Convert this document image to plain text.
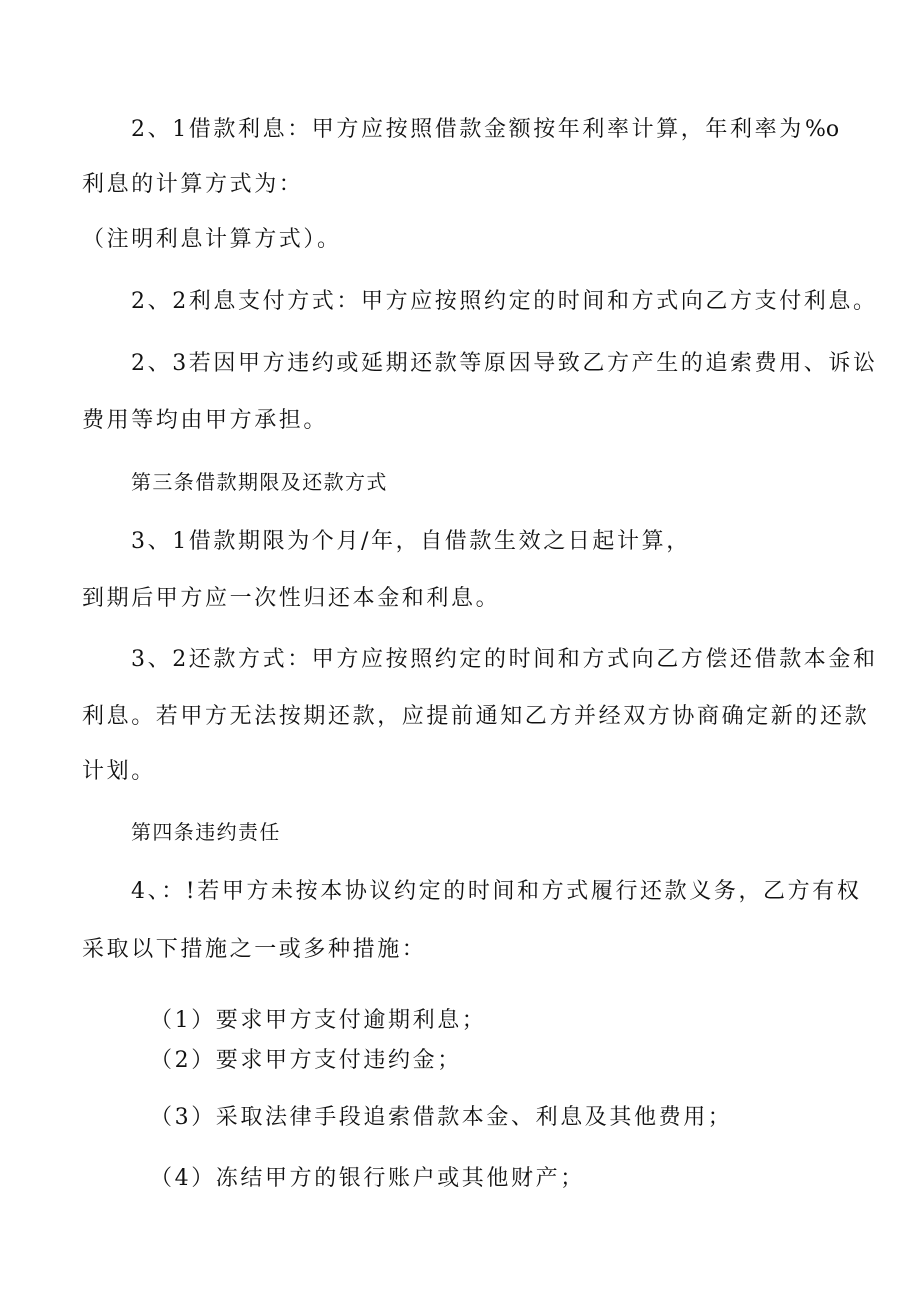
2、1借款利息：甲方应按照借款金额按年利率计算，年利率为 %o
利息的计算方式为：
（注明利息计算方式）。
2、2利息支付方式：甲方应按照约定的时间和方式向乙方支付利息。
2、3若因甲方违约或延期还款等原因导致乙方产生的追索费用、诉讼
费用等均由甲方承担。
第三条借款期限及还款方式
3、1借款期限为个月/年，自借款生效之日起计算，
到期后甲方应一次性归还本金和利息。
3、2还款方式：甲方应按照约定的时间和方式向乙方偿还借款本金和
利息。若甲方无法按期还款，应提前通知乙方并经双方协商确定新的还款
计划。
第四条违约责任
4、：!若甲方未按本协议约定的时间和方式履行还款义务，乙方有权
采取以下措施之一或多种措施：
（1）要求甲方支付逾期利息；
（2）要求甲方支付违约金；
（3）采取法律手段追索借款本金、利息及其他费用；
（4）冻结甲方的银行账户或其他财产；
